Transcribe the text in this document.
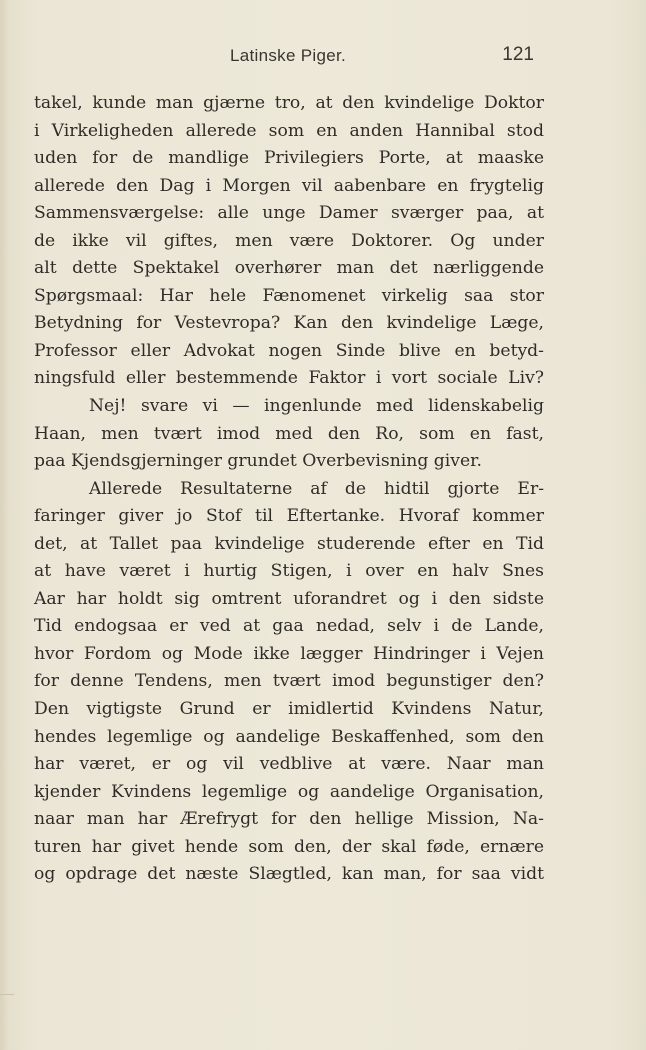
Latinske Piger.	121
takel, kunde man gjærne tro, at den kvindelige Doktor
i Virkeligheden allerede som en anden Hannibal stod
uden for de mandlige Privilegiers Porte, at maaske
allerede den Dag i Morgen vil aabenbare en frygtelig
Sammensværgelse: alle unge Damer sværger paa, at
de ikke vil giftes, men være Doktorer. Og under
alt dette Spektakel overhører man det nærliggende
Spørgsmaal: Har hele Fænomenet virkelig saa stor
Betydning for Vestevropa? Kan den kvindelige Læge,
Professor eller Advokat nogen Sinde blive en betyd-
ningsfuld eller bestemmende Faktor i vort sociale Liv?
Nej! svare vi — ingenlunde med lidenskabelig
Haan, men tvært imod med den Ro, som en fast,
paa Kjendsgjerninger grundet Overbevisning giver.
Allerede Resultaterne af de hidtil gjorte Er-
faringer giver jo Stof til Eftertanke. Hvoraf kommer
det, at Tallet paa kvindelige studerende efter en Tid
at have været i hurtig Stigen, i over en halv Snes
Aar har holdt sig omtrent uforandret og i den sidste
Tid endogsaa er ved at gaa nedad, selv i de Lande,
hvor Fordom og Mode ikke lægger Hindringer i Vejen
for denne Tendens, men tvært imod begunstiger den?
Den vigtigste Grund er imidlertid Kvindens Natur,
hendes legemlige og aandelige Beskaffenhed, som den
har været, er og vil vedblive at være. Naar man
kjender Kvindens legemlige og aandelige Organisation,
naar man har Ærefrygt for den hellige Mission, Na-
turen har givet hende som den, der skal føde, ernære
og opdrage det næste Slægtled, kan man, for saa vidt
